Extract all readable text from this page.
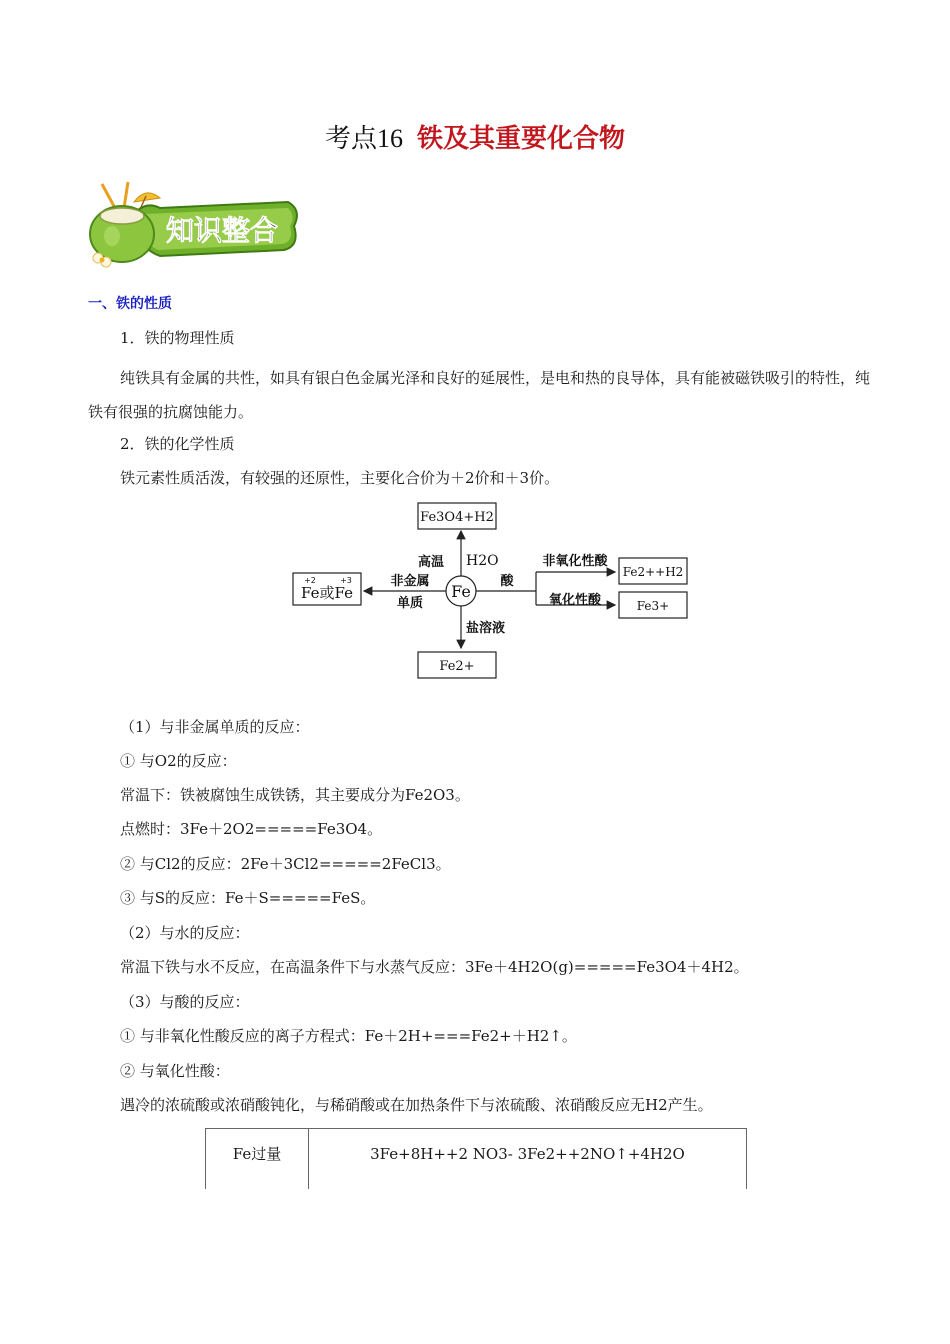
考点16 铁及其重要化合物
知识整合
一、铁的性质
1．铁的物理性质
纯铁具有金属的共性，如具有银白色金属光泽和良好的延展性，是电和热的良导体，具有能被磁铁吸引的特性，纯铁有很强的抗腐蚀能力。
2．铁的化学性质
铁元素性质活泼，有较强的还原性，主要化合价为＋2价和＋3价。
Fe
Fe3O4+H2
高温 H2O
Fe或Fe
+2	+3	非金属
单质
酸
非氧化性酸
氧化性酸
Fe2++H2
Fe3+
盐溶液
Fe2+
（1）与非金属单质的反应：
① 与O2的反应：
常温下：铁被腐蚀生成铁锈，其主要成分为Fe2O3。
点燃时：3Fe＋2O2=====Fe3O4。
② 与Cl2的反应：2Fe＋3Cl2=====2FeCl3。
③ 与S的反应：Fe＋S=====FeS。
（2）与水的反应：
常温下铁与水不反应，在高温条件下与水蒸气反应：3Fe＋4H2O(g)=====Fe3O4＋4H2。
（3）与酸的反应：
① 与非氧化性酸反应的离子方程式：Fe＋2H+===Fe2+＋H2↑。
② 与氧化性酸：
遇冷的浓硫酸或浓硝酸钝化，与稀硝酸或在加热条件下与浓硫酸、浓硝酸反应无H2产生。
Fe过量	3Fe+8H++2 NO3- 3Fe2++2NO↑+4H2O
